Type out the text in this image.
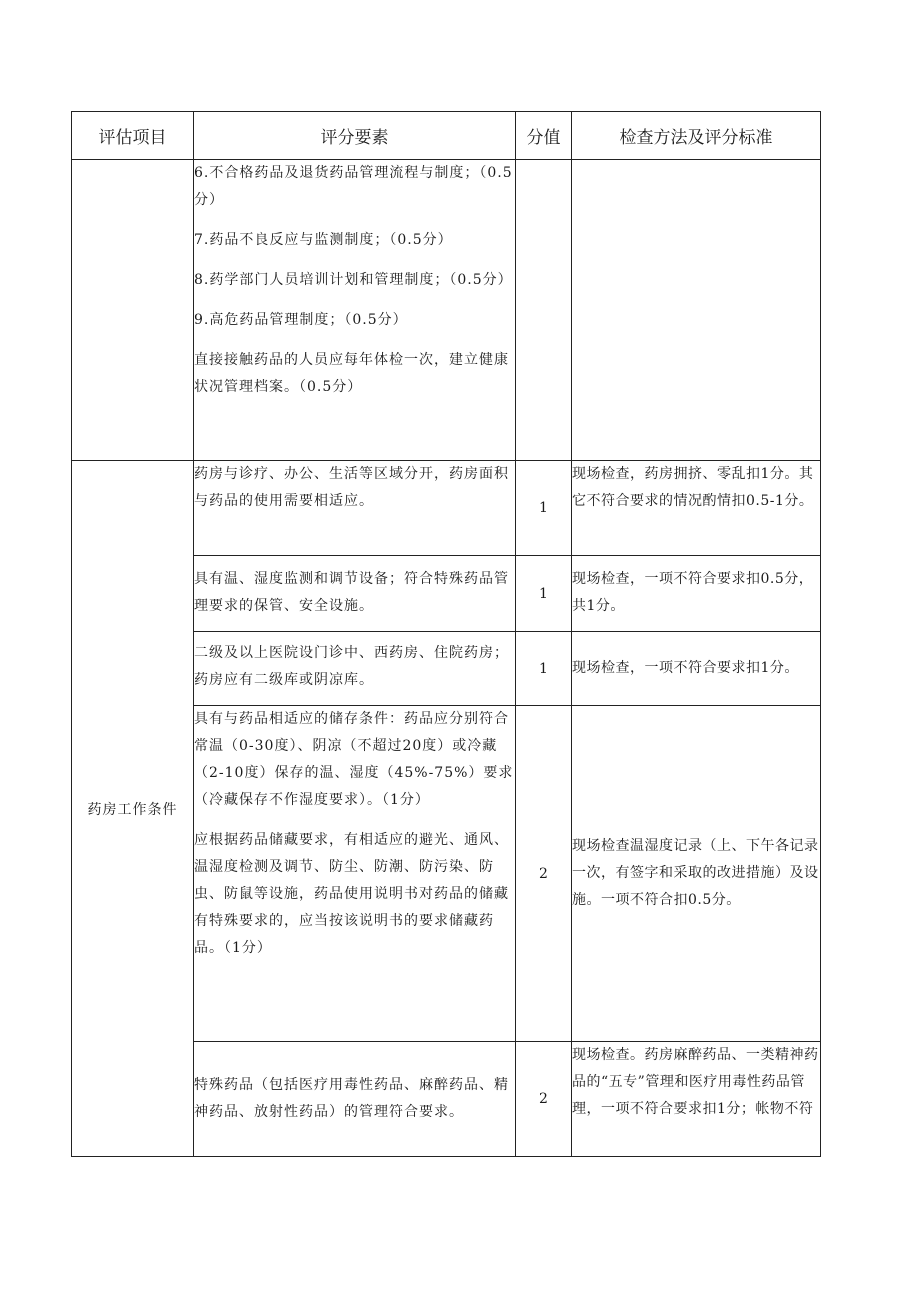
评估项目	评分要素	分值	检查方法及评分标准

	6.不合格药品及退货药品管理流程与制度；（0.5分）

7.药品不良反应与监测制度；（0.5分）

8.药学部门人员培训计划和管理制度；（0.5分）

9.高危药品管理制度；（0.5分）

直接接触药品的人员应每年体检一次，建立健康状况管理档案。（0.5分）		

药房工作条件	药房与诊疗、办公、生活等区域分开，药房面积与药品的使用需要相适应。	1	现场检查，药房拥挤、零乱扣1分。其它不符合要求的情况酌情扣0.5-1分。

	具有温、湿度监测和调节设备；符合特殊药品管理要求的保管、安全设施。	1	现场检查，一项不符合要求扣0.5分，共1分。

	二级及以上医院设门诊中、西药房、住院药房；药房应有二级库或阴凉库。	1	现场检查，一项不符合要求扣1分。

	具有与药品相适应的储存条件：药品应分别符合常温（0-30度）、阴凉（不超过20度）或冷藏（2-10度）保存的温、湿度（45%-75%）要求（冷藏保存不作湿度要求）。（1分）

应根据药品储藏要求，有相适应的避光、通风、温湿度检测及调节、防尘、防潮、防污染、防虫、防鼠等设施，药品使用说明书对药品的储藏有特殊要求的，应当按该说明书的要求储藏药品。（1分）	2	现场检查温湿度记录（上、下午各记录一次，有签字和采取的改进措施）及设施。一项不符合扣0.5分。

	特殊药品（包括医疗用毒性药品、麻醉药品、精神药品、放射性药品）的管理符合要求。	2	现场检查。药房麻醉药品、一类精神药品的“五专”管理和医疗用毒性药品管理，一项不符合要求扣1分；帐物不符
